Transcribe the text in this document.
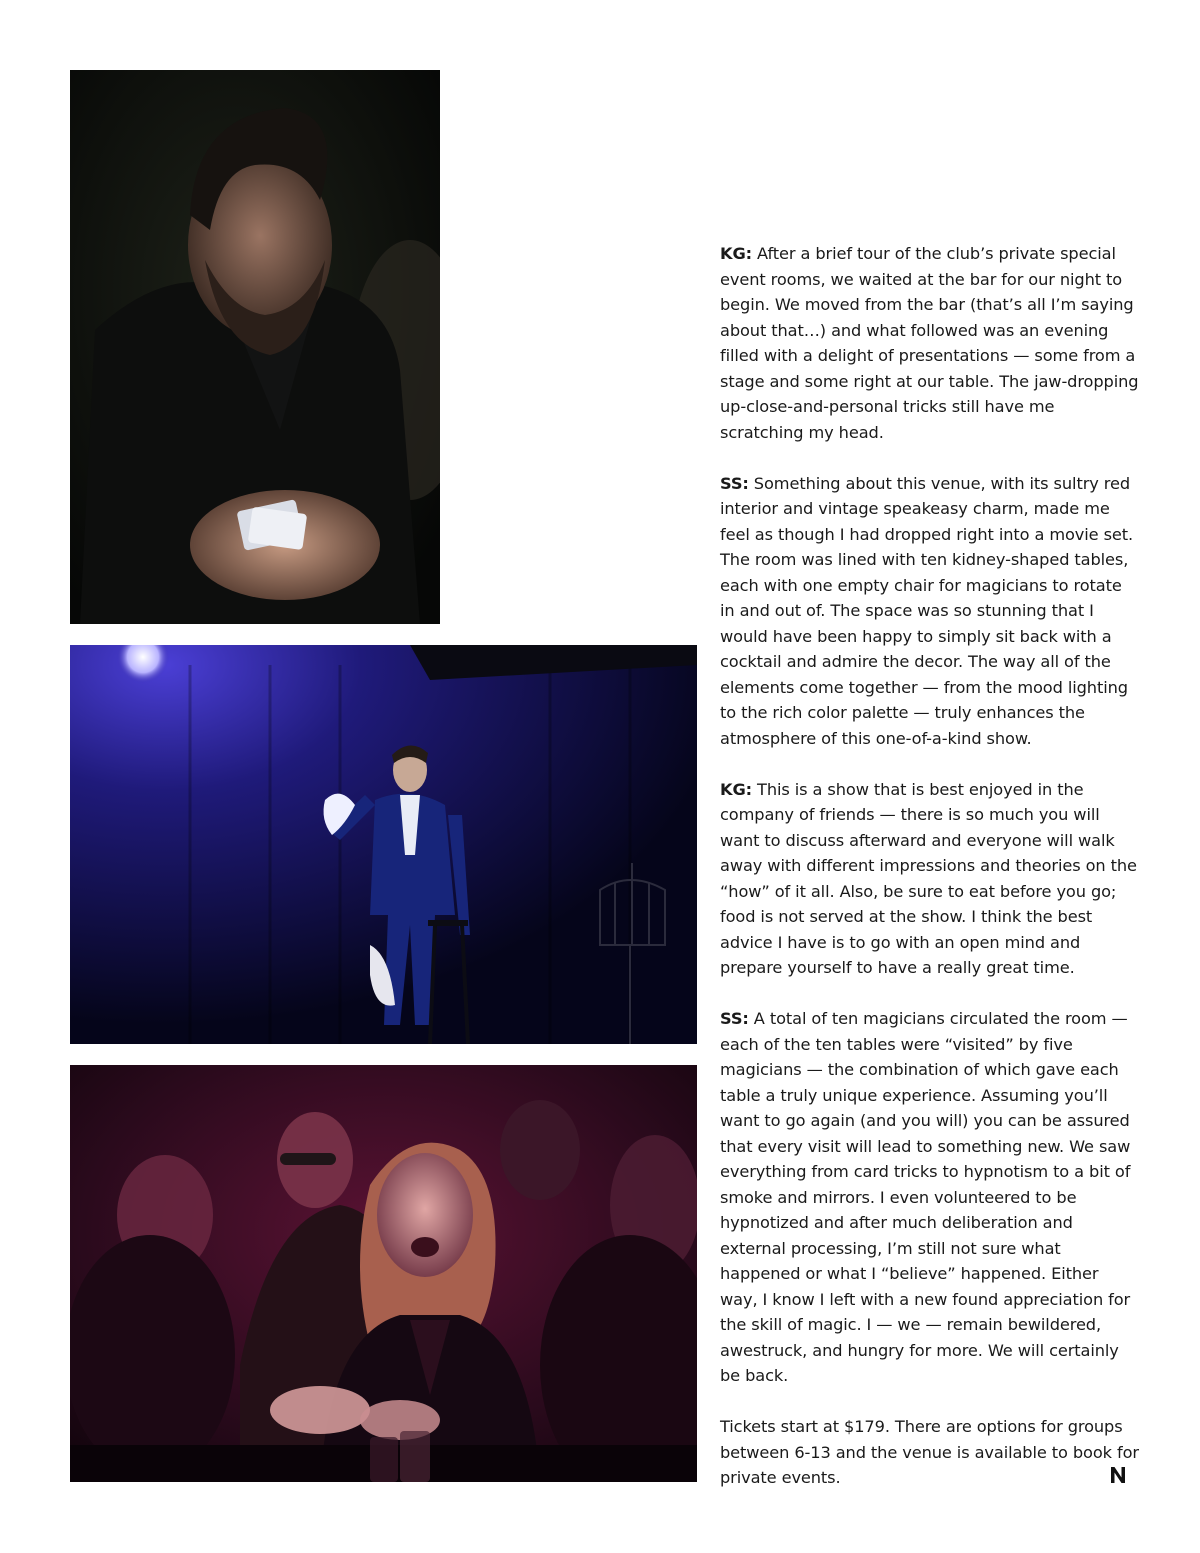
KG: After a brief tour of the club’s private special event rooms, we waited at the bar for our night to begin. We moved from the bar (that’s all I’m saying about that…) and what followed was an evening filled with a delight of presentations — some from a stage and some right at our table. The jaw-dropping up-close-and-personal tricks still have me scratching my head.

SS: Something about this venue, with its sultry red interior and vintage speakeasy charm, made me feel as though I had dropped right into a movie set. The room was lined with ten kidney-shaped tables, each with one empty chair for magicians to rotate in and out of. The space was so stunning that I would have been happy to simply sit back with a cocktail and admire the decor. The way all of the elements come together — from the mood lighting to the rich color palette — truly enhances the atmosphere of this one-of-a-kind show.

KG: This is a show that is best enjoyed in the company of friends — there is so much you will want to discuss afterward and everyone will walk away with different impressions and theories on the “how” of it all. Also, be sure to eat before you go; food is not served at the show. I think the best advice I have is to go with an open mind and prepare yourself to have a really great time.

SS: A total of ten magicians circulated the room — each of the ten tables were “visited” by five magicians — the combination of which gave each table a truly unique experience. Assuming you’ll want to go again (and you will) you can be assured that every visit will lead to something new. We saw everything from card tricks to hypnotism to a bit of smoke and mirrors. I even volunteered to be hypnotized and after much deliberation and external processing, I’m still not sure what happened or what I “believe” happened. Either way, I know I left with a new found appreciation for the skill of magic. I — we — remain bewildered, awestruck, and hungry for more. We will certainly be back.

Tickets start at $179. There are options for groups between 6-13 and the venue is available to book for private events.
